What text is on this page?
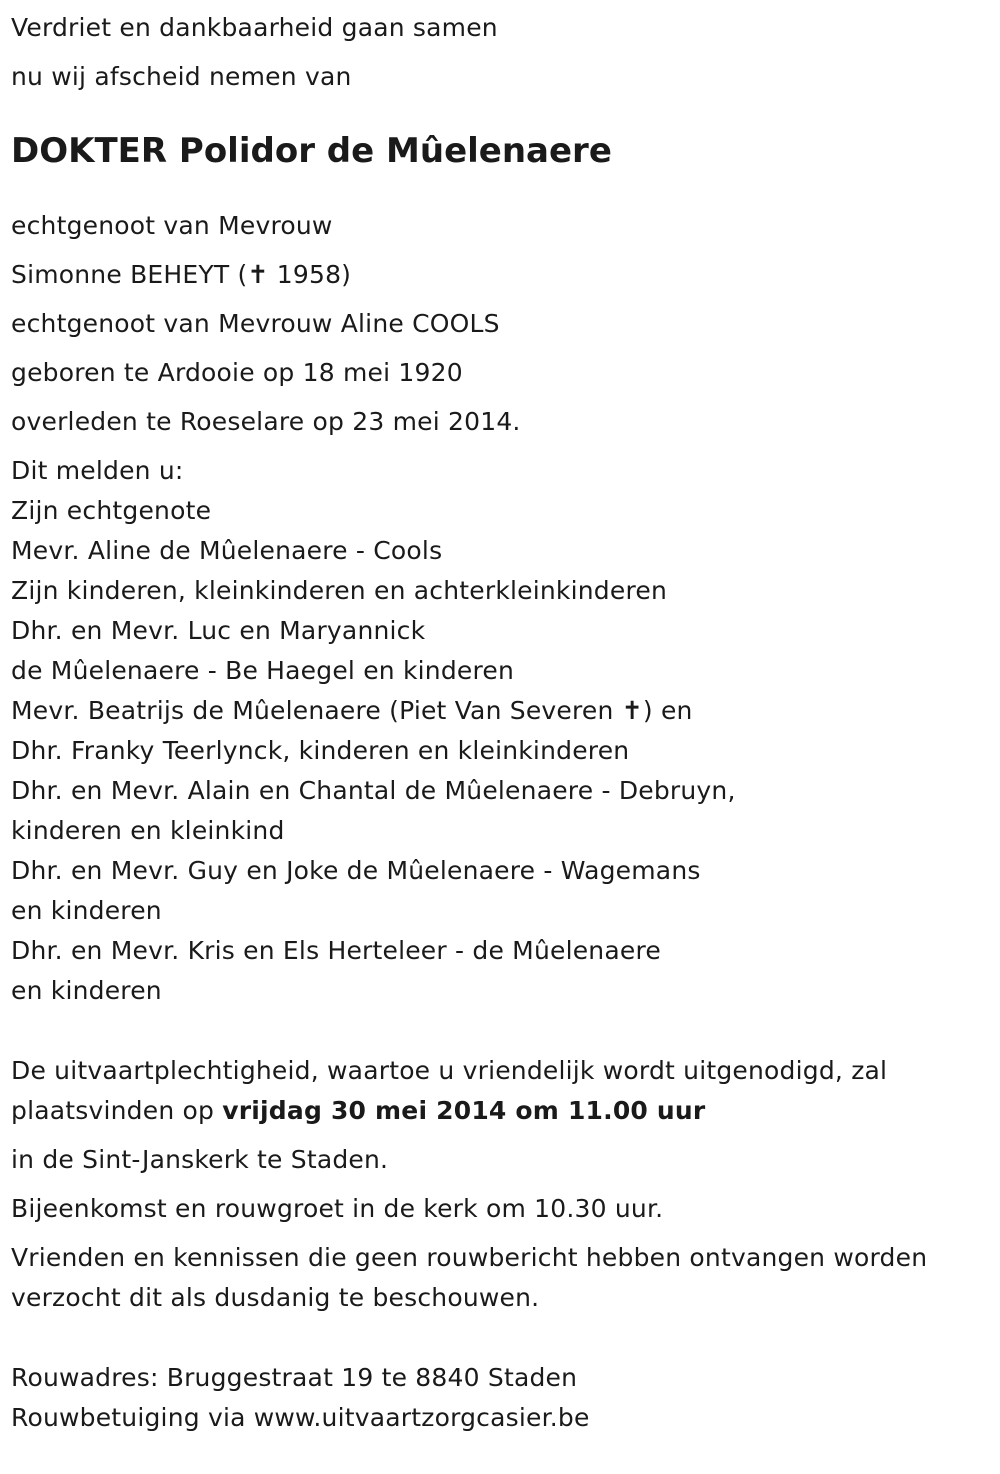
Verdriet en dankbaarheid gaan samen
nu wij afscheid nemen van
DOKTER Polidor de Mûelenaere
echtgenoot van Mevrouw
Simonne BEHEYT (✝ 1958)
echtgenoot van Mevrouw Aline COOLS
geboren te Ardooie op 18 mei 1920
overleden te Roeselare op 23 mei 2014.
Dit melden u:
Zijn echtgenote
Mevr. Aline de Mûelenaere - Cools
Zijn kinderen, kleinkinderen en achterkleinkinderen
Dhr. en Mevr. Luc en Maryannick
de Mûelenaere - Be Haegel en kinderen
Mevr. Beatrijs de Mûelenaere (Piet Van Severen ✝) en
Dhr. Franky Teerlynck, kinderen en kleinkinderen
Dhr. en Mevr. Alain en Chantal de Mûelenaere - Debruyn,
kinderen en kleinkind
Dhr. en Mevr. Guy en Joke de Mûelenaere - Wagemans
en kinderen
Dhr. en Mevr. Kris en Els Herteleer - de Mûelenaere
en kinderen
De uitvaartplechtigheid, waartoe u vriendelijk wordt uitgenodigd, zal
plaatsvinden op vrijdag 30 mei 2014 om 11.00 uur
in de Sint-Janskerk te Staden.
Bijeenkomst en rouwgroet in de kerk om 10.30 uur.
Vrienden en kennissen die geen rouwbericht hebben ontvangen worden
verzocht dit als dusdanig te beschouwen.
Rouwadres: Bruggestraat 19 te 8840 Staden
Rouwbetuiging via www.uitvaartzorgcasier.be
